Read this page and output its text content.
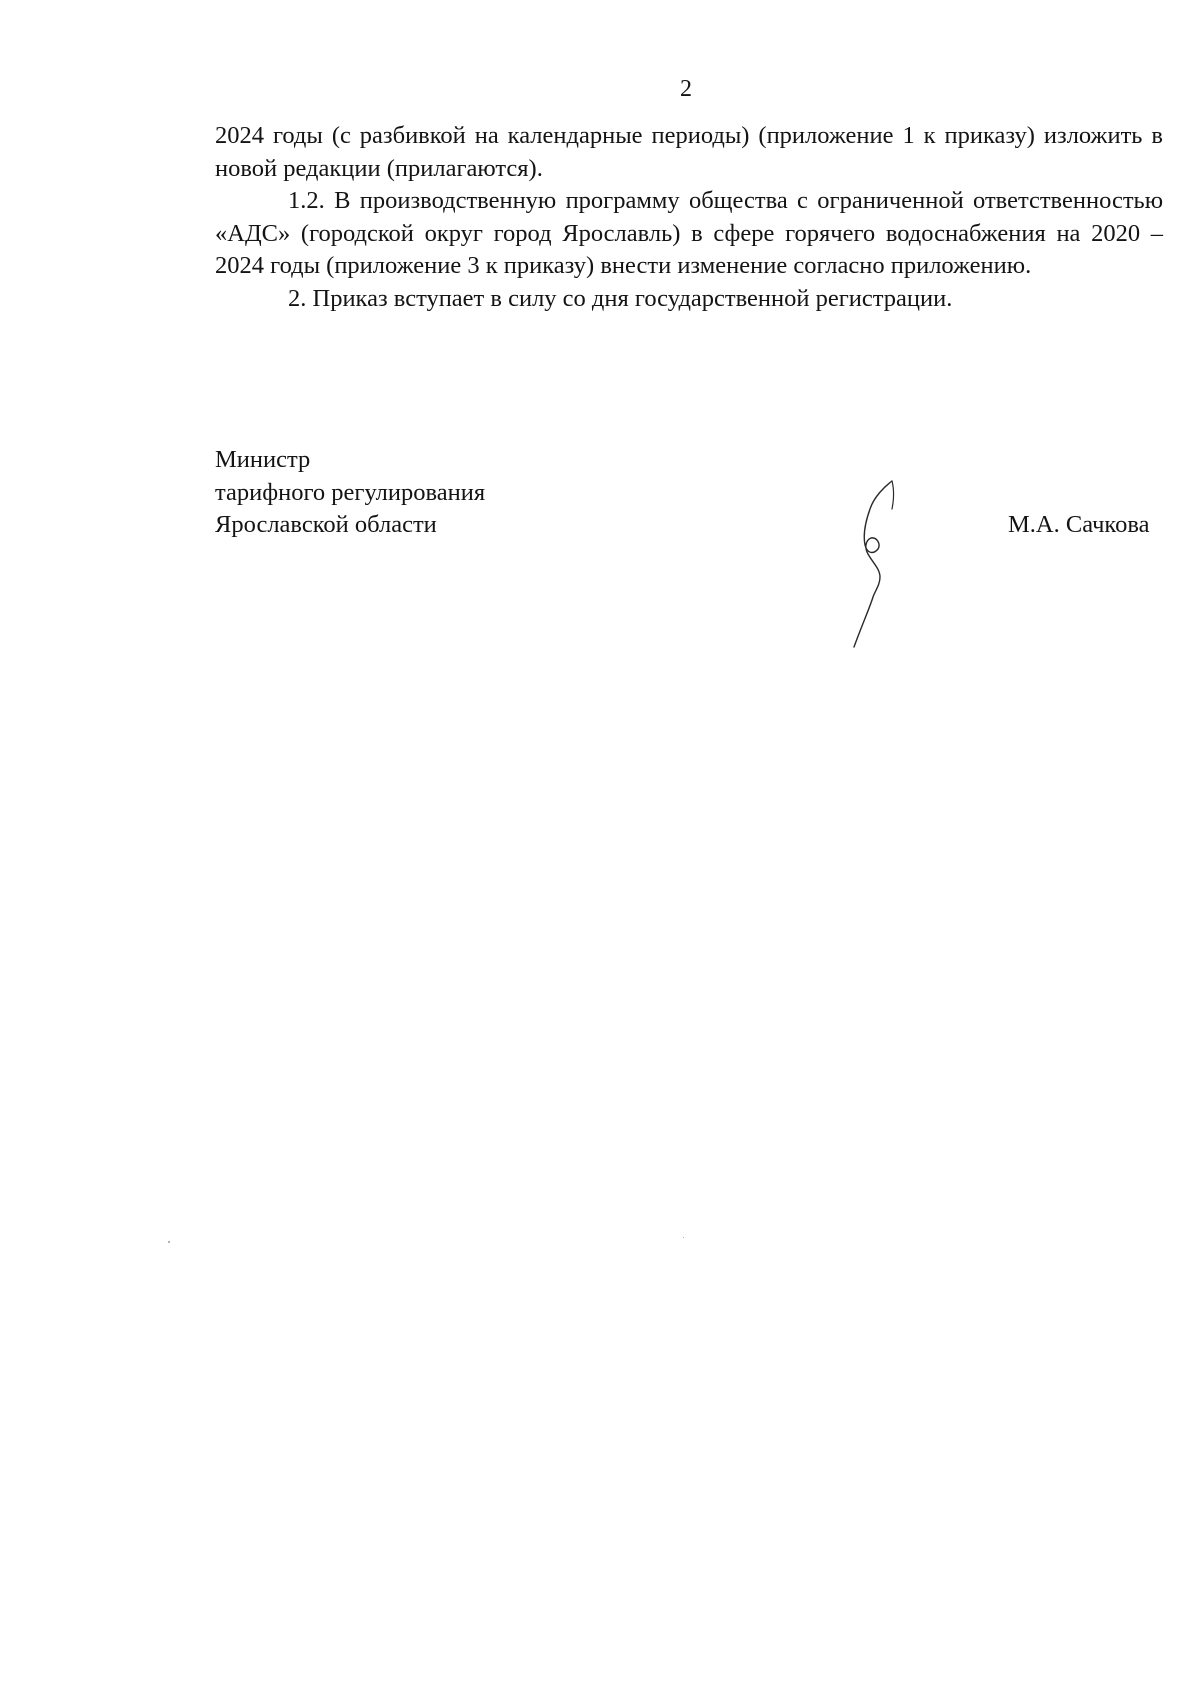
2

2024 годы (с разбивкой на календарные периоды) (приложение 1 к приказу) изложить в новой редакции (прилагаются).

1.2. В производственную программу общества с ограниченной ответственностью «АДС» (городской округ город Ярославль) в сфере горячего водоснабжения на 2020 – 2024 годы (приложение 3 к приказу) внести изменение согласно приложению.

2. Приказ вступает в силу со дня государственной регистрации.

Министр
тарифного регулирования
Ярославской области	М.А. Сачкова
